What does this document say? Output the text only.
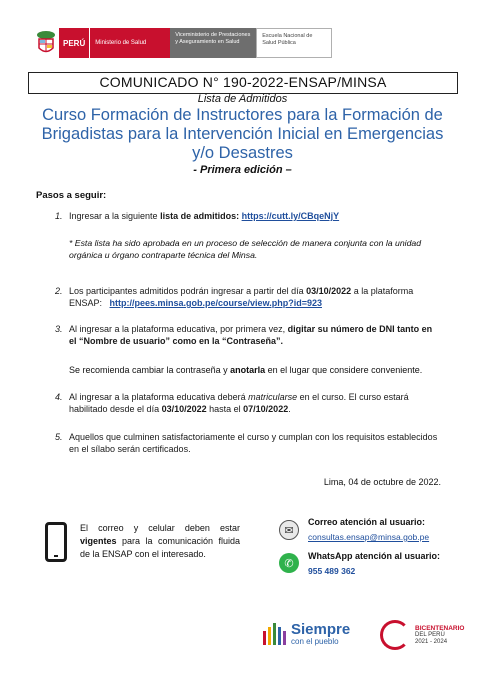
PERÚ	Ministerio de Salud
Viceministerio de Prestaciones y Aseguramiento en Salud
Escuela Nacional de Salud Pública
COMUNICADO N° 190-2022-ENSAP/MINSA
Lista de Admitidos
Curso Formación de Instructores para la Formación de Brigadistas para la Intervención Inicial en Emergencias y/o Desastres
- Primera edición –
Pasos a seguir:
1. Ingresar a la siguiente lista de admitidos: https://cutt.ly/CBqeNjY
* Esta lista ha sido aprobada en un proceso de selección de manera conjunta con la unidad orgánica u órgano contraparte técnica del Minsa.
2. Los participantes admitidos podrán ingresar a partir del día 03/10/2022 a la plataforma
ENSAP: http://pees.minsa.gob.pe/course/view.php?id=923
3. Al ingresar a la plataforma educativa, por primera vez, digitar su número de DNI tanto en
el “Nombre de usuario” como en la “Contraseña”.
Se recomienda cambiar la contraseña y anotarla en el lugar que considere conveniente.
4. Al ingresar a la plataforma educativa deberá matricularse en el curso. El curso estará
habilitado desde el día 03/10/2022 hasta el 07/10/2022.
5. Aquellos que culminen satisfactoriamente el curso y cumplan con los requisitos establecidos
en el sílabo serán certificados.
Lima, 04 de octubre de 2022.
El correo y celular deben estar vigentes para la comunicación fluida de la ENSAP con el interesado.
✉
Correo atención al usuario:
consultas.ensap@minsa.gob.pe
✆
WhatsApp atención al usuario:
955 489 362
Siempre
con el pueblo
BICENTENARIO
DEL PERÚ
2021 - 2024
